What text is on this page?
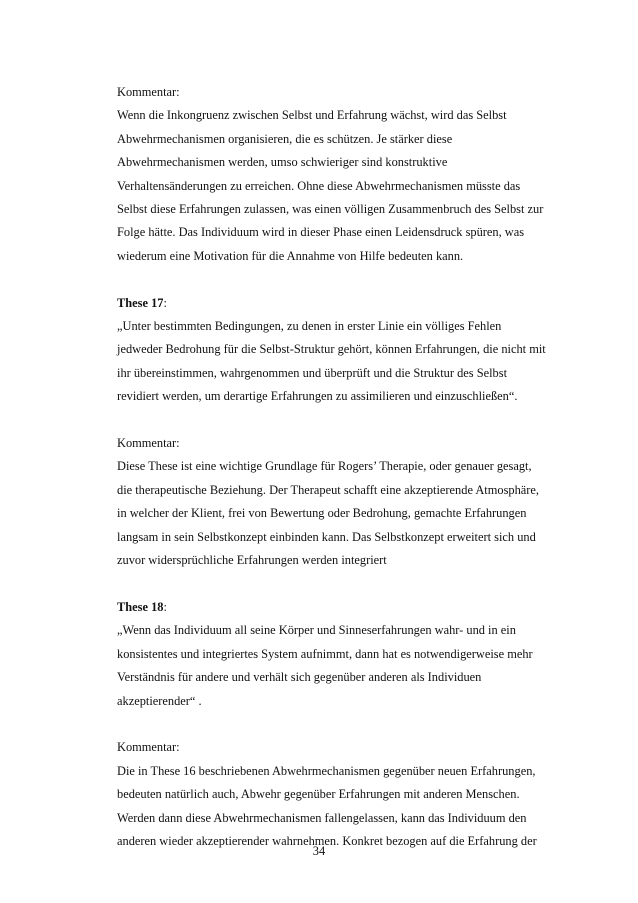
Kommentar:
Wenn die Inkongruenz zwischen Selbst und Erfahrung wächst, wird das Selbst
Abwehrmechanismen organisieren, die es schützen. Je stärker diese
Abwehrmechanismen werden, umso schwieriger sind konstruktive
Verhaltensänderungen zu erreichen. Ohne diese Abwehrmechanismen müsste das
Selbst diese Erfahrungen zulassen, was einen völligen Zusammenbruch des Selbst zur
Folge hätte. Das Individuum wird in dieser Phase einen Leidensdruck spüren, was
wiederum eine Motivation für die Annahme von Hilfe bedeuten kann.
These 17:
„Unter bestimmten Bedingungen, zu denen in erster Linie ein völliges Fehlen
jedweder Bedrohung für die Selbst-Struktur gehört, können Erfahrungen, die nicht mit
ihr übereinstimmen, wahrgenommen und überprüft und die Struktur des Selbst
revidiert werden, um derartige Erfahrungen zu assimilieren und einzuschließen“.
Kommentar:
Diese These ist eine wichtige Grundlage für Rogers’ Therapie, oder genauer gesagt,
die therapeutische Beziehung. Der Therapeut schafft eine akzeptierende Atmosphäre,
in welcher der Klient, frei von Bewertung oder Bedrohung, gemachte Erfahrungen
langsam in sein Selbstkonzept einbinden kann. Das Selbstkonzept erweitert sich und
zuvor widersprüchliche Erfahrungen werden integriert
These 18:
„Wenn das Individuum all seine Körper und Sinneserfahrungen wahr- und in ein
konsistentes und integriertes System aufnimmt, dann hat es notwendigerweise mehr
Verständnis für andere und verhält sich gegenüber anderen als Individuen
akzeptierender“ .
Kommentar:
Die in These 16 beschriebenen Abwehrmechanismen gegenüber neuen Erfahrungen,
bedeuten natürlich auch, Abwehr gegenüber Erfahrungen mit anderen Menschen.
Werden dann diese Abwehrmechanismen fallengelassen, kann das Individuum den
anderen wieder akzeptierender wahrnehmen. Konkret bezogen auf die Erfahrung der
34
